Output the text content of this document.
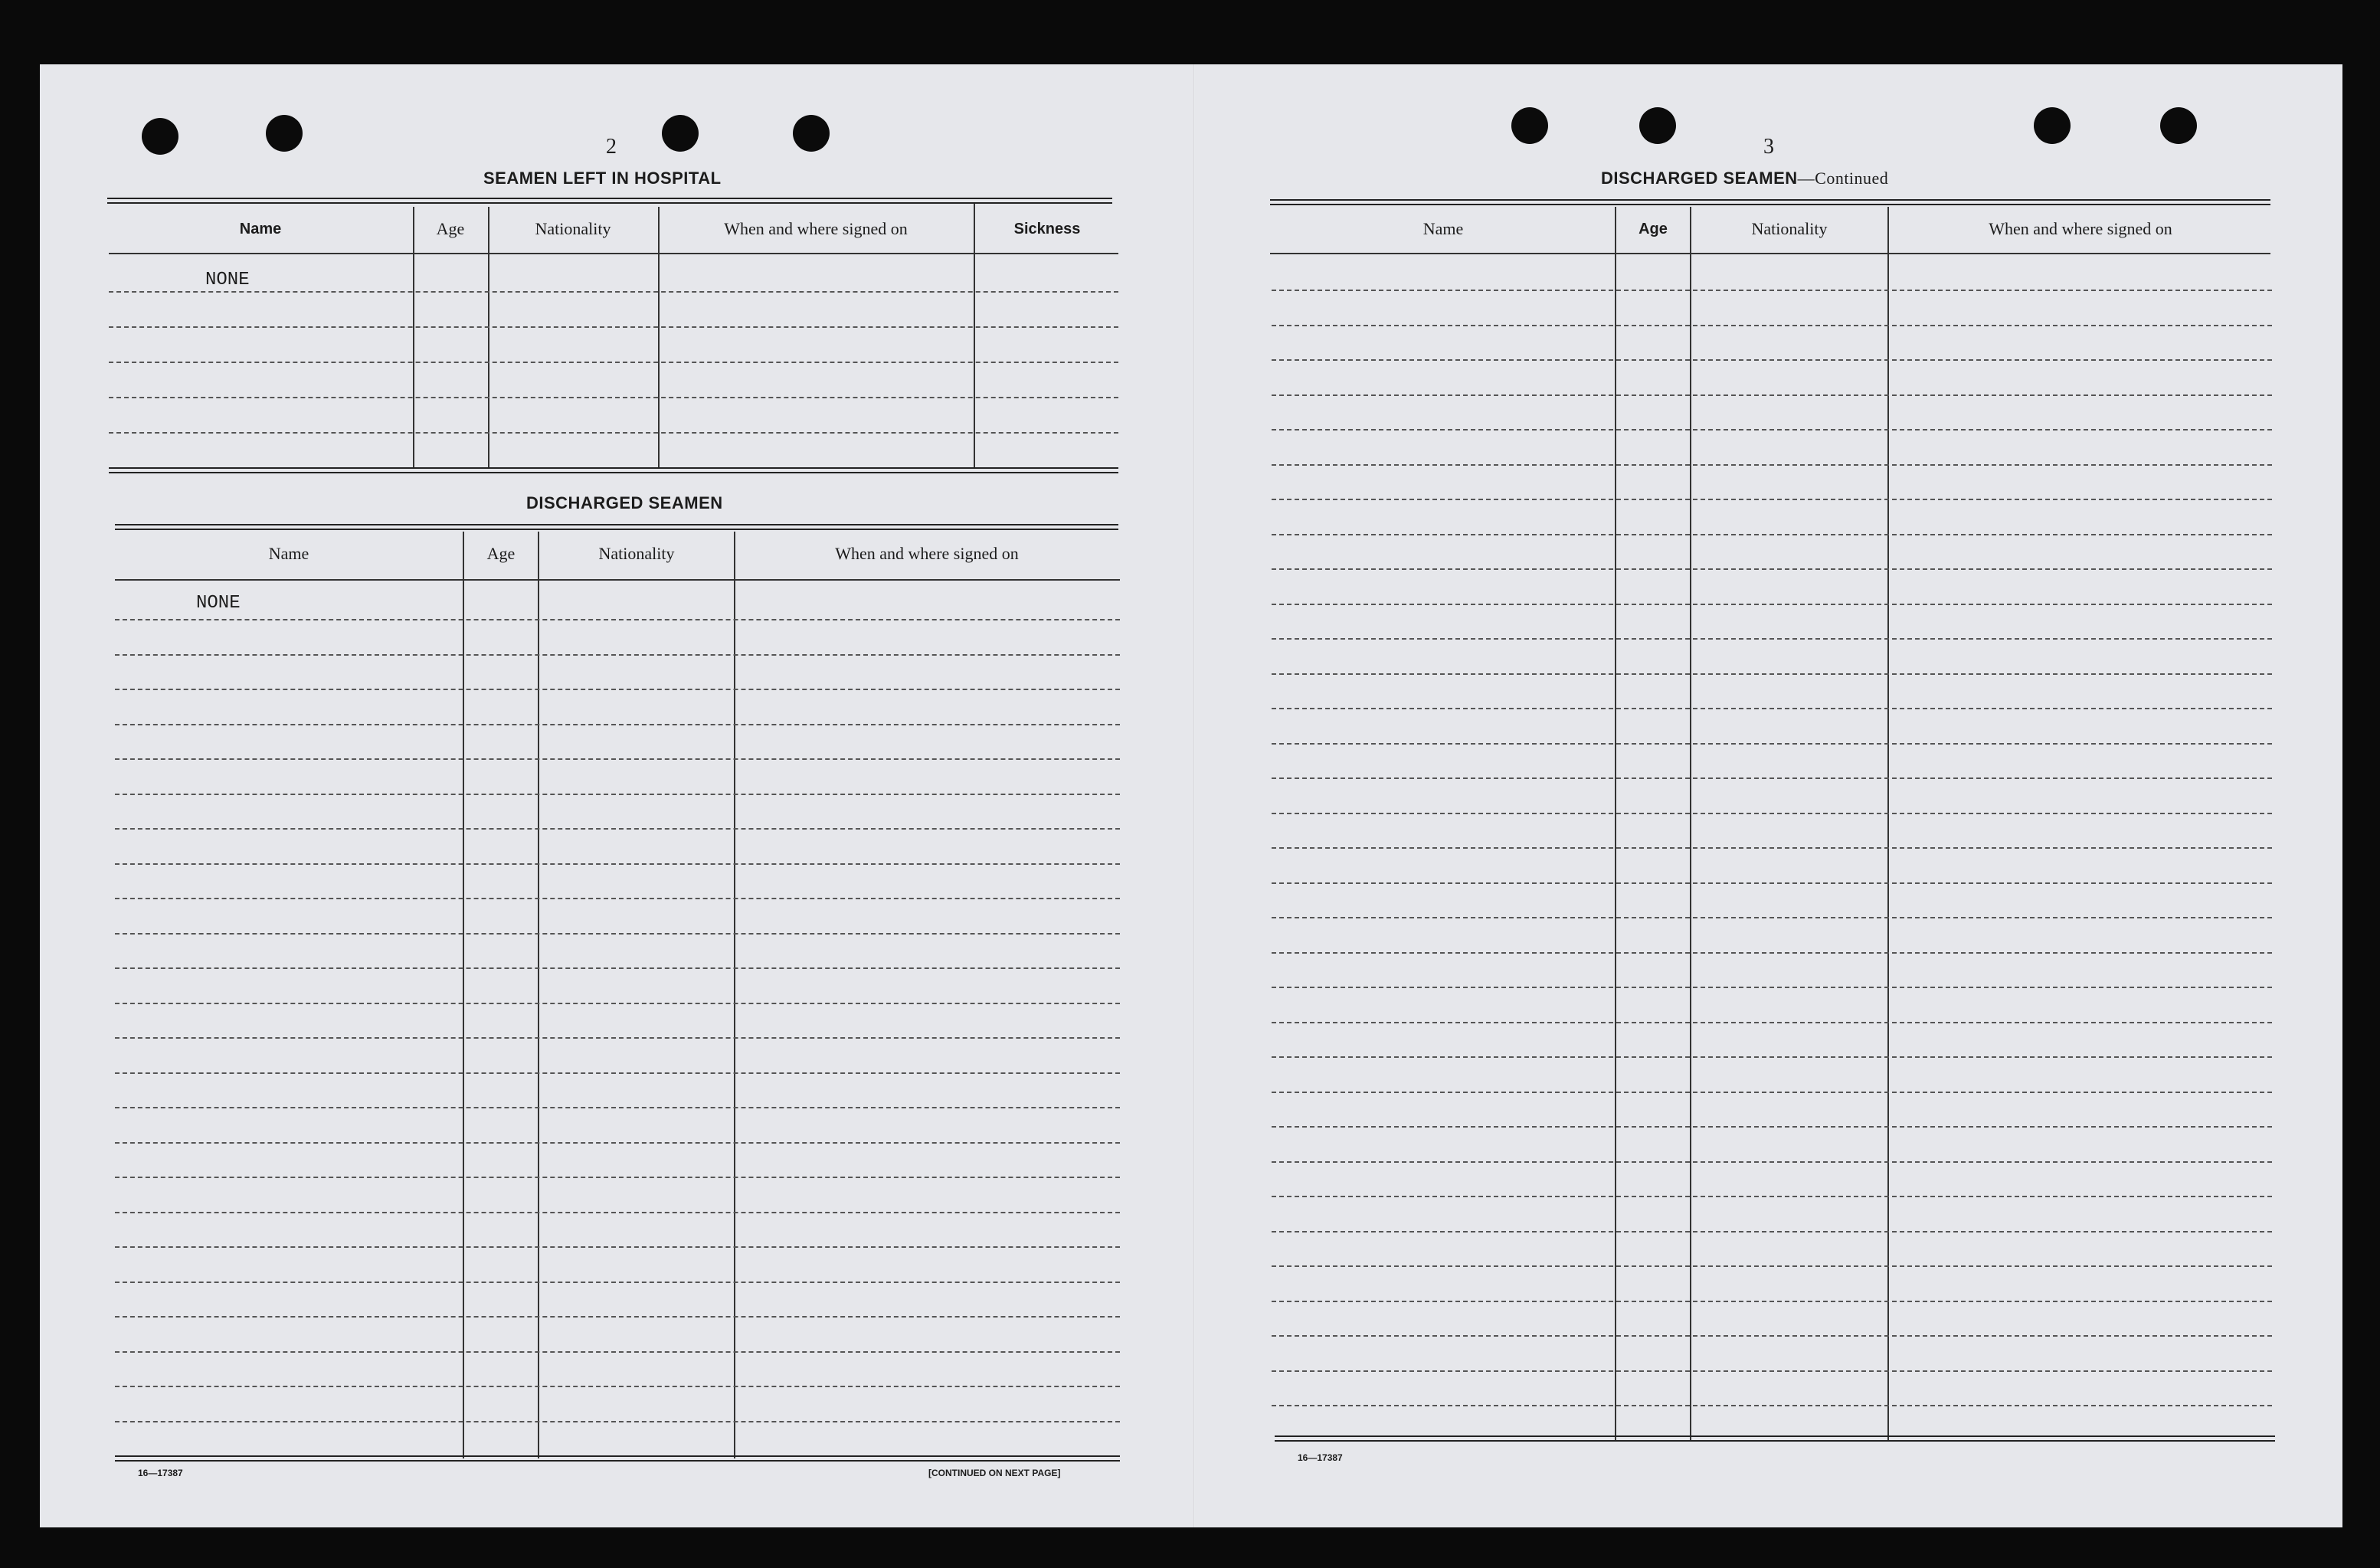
2
SEAMEN LEFT IN HOSPITAL
Name	Age	Nationality	When and where signed on	Sickness
NONE
DISCHARGED SEAMEN
Name	Age	Nationality	When and where signed on
NONE
16—17387	[CONTINUED ON NEXT PAGE]
3
DISCHARGED SEAMEN—Continued
Name	Age	Nationality	When and where signed on
16—17387
